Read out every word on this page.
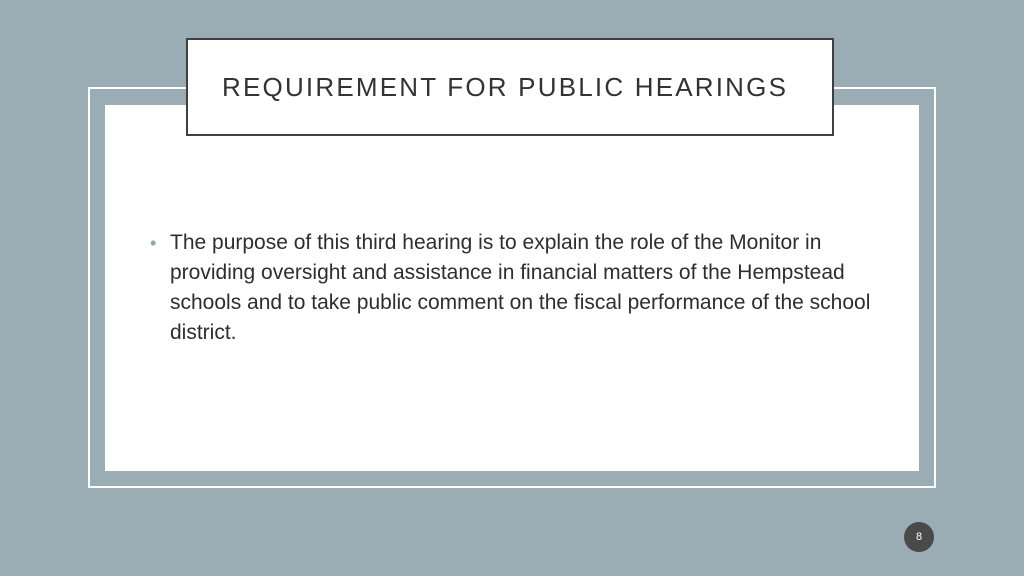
REQUIREMENT FOR PUBLIC HEARINGS
• The purpose of this third hearing is to explain the role of the Monitor in providing oversight and assistance in financial matters of the Hempstead schools and to take public comment on the fiscal performance of the school district.
8
